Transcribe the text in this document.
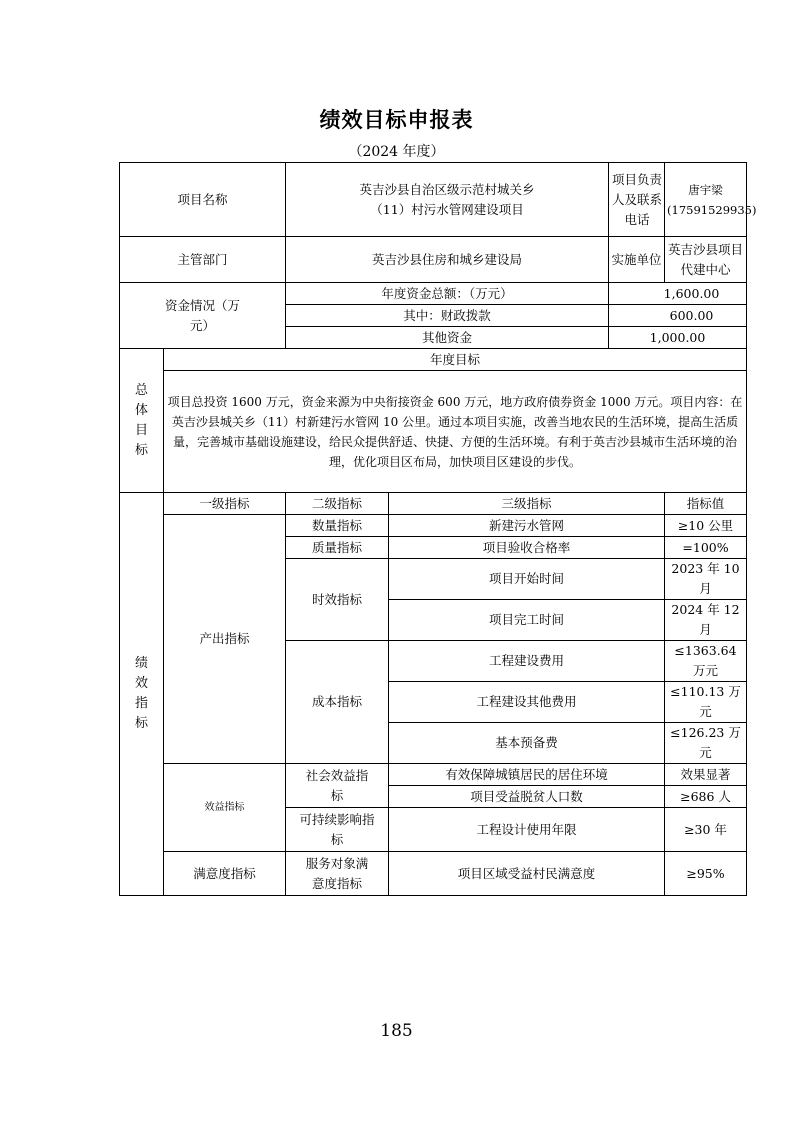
绩效目标申报表
（2024 年度）
项目名称		英吉沙县自治区级示范村城关乡（11）村污水管网建设项目		项目负责人及联系电话	唐宇梁(17591529935)
主管部门		英吉沙县住房和城乡建设局		实施单位	英吉沙县项目代建中心

资金情况（万元）		年度资金总额：（万元）		1,600.00	
		其中：财政拨款		600.00	
		其他资金		1,000.00	

总体目标	年度目标				
	项目总投资 1600 万元，资金来源为中央衔接资金 600 万元，地方政府债券资金 1000 万元。项目内容：在英吉沙县城关乡（11）村新建污水管网 10 公里。通过本项目实施，改善当地农民的生活环境，提高生活质量，完善城市基础设施建设，给民众提供舒适、快捷、方便的生活环境。有利于英吉沙县城市生活环境的治理，优化项目区布局，加快项目区建设的步伐。				

绩效指标	一级指标	二级指标	三级指标		指标值
	产出指标	数量指标	新建污水管网		≥10 公里
		质量指标	项目验收合格率		=100%
		时效指标	项目开始时间		2023 年 10 月
			项目完工时间		2024 年 12 月
		成本指标	工程建设费用		≤1363.64 万元
			工程建设其他费用		≤110.13 万元
			基本预备费		≤126.23 万元
	效益指标	社会效益指标	有效保障城镇居民的居住环境		效果显著
			项目受益脱贫人口数		≥686 人

		可持续影响指标	工程设计使用年限		≥30 年

	满意度指标	服务对象满意度指标	项目区域受益村民满意度		≥95%
185
